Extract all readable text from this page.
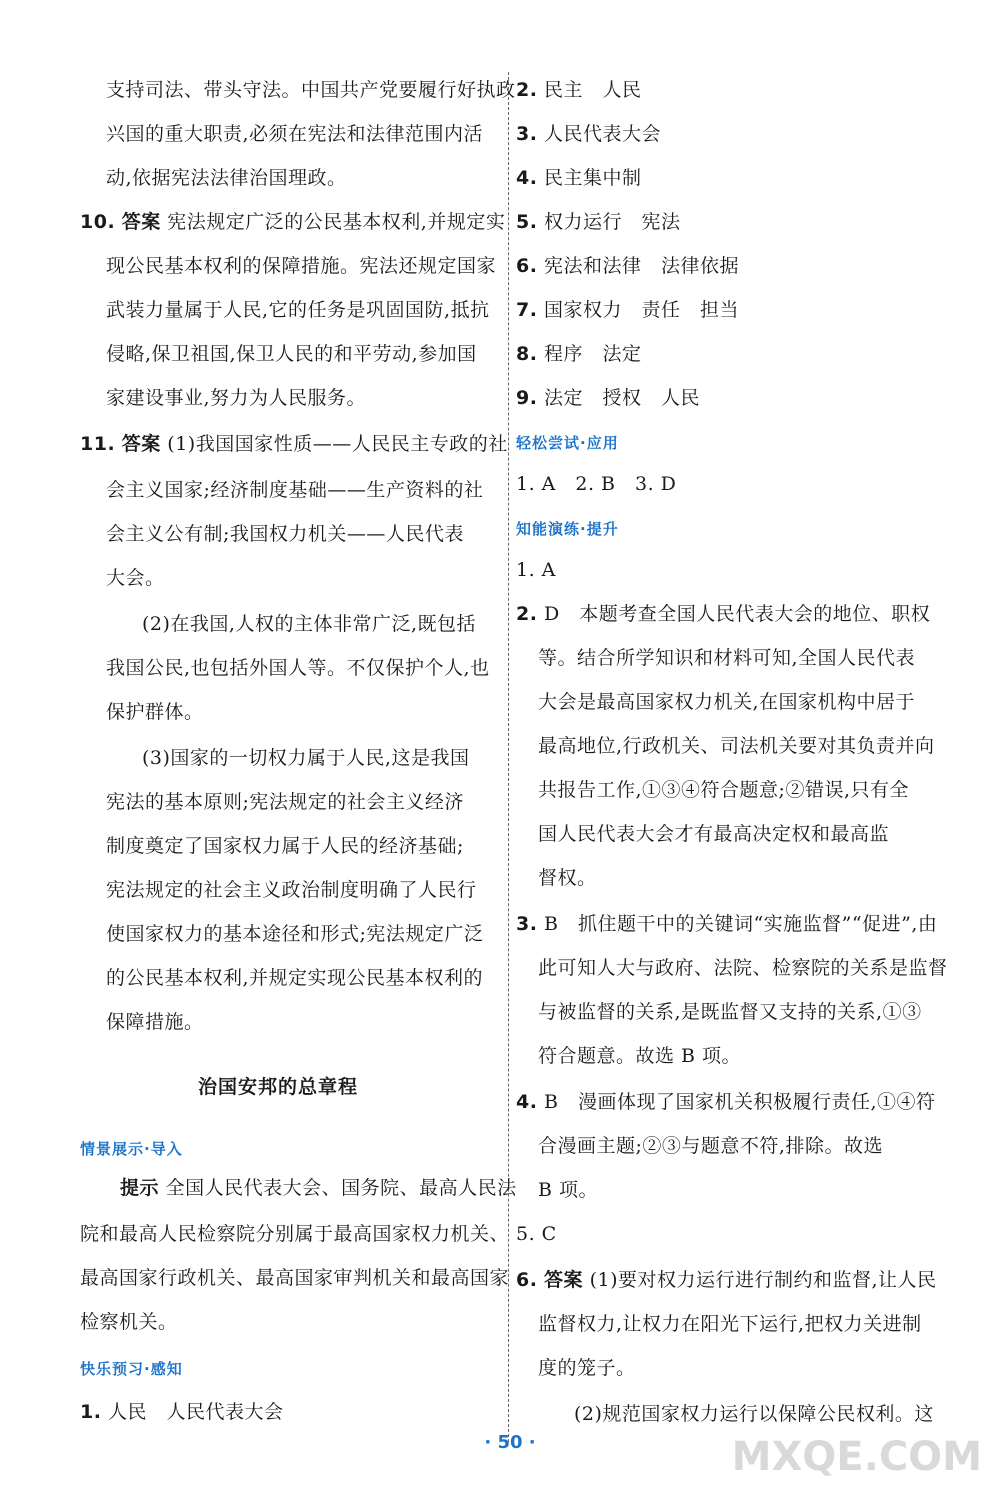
支持司法、带头守法。中国共产党要履行好执政
兴国的重大职责,必须在宪法和法律范围内活
动,依据宪法法律治国理政。
10. 答案 宪法规定广泛的公民基本权利,并规定实
现公民基本权利的保障措施。宪法还规定国家
武装力量属于人民,它的任务是巩固国防,抵抗
侵略,保卫祖国,保卫人民的和平劳动,参加国
家建设事业,努力为人民服务。
11. 答案 (1)我国国家性质——人民民主专政的社
会主义国家;经济制度基础——生产资料的社
会主义公有制;我国权力机关——人民代表
大会。
(2)在我国,人权的主体非常广泛,既包括
我国公民,也包括外国人等。不仅保护个人,也
保护群体。
(3)国家的一切权力属于人民,这是我国
宪法的基本原则;宪法规定的社会主义经济
制度奠定了国家权力属于人民的经济基础;
宪法规定的社会主义政治制度明确了人民行
使国家权力的基本途径和形式;宪法规定广泛
的公民基本权利,并规定实现公民基本权利的
保障措施。
治国安邦的总章程
情景展示·导入
提示 全国人民代表大会、国务院、最高人民法
院和最高人民检察院分别属于最高国家权力机关、
最高国家行政机关、最高国家审判机关和最高国家
检察机关。
快乐预习·感知
1. 人民　人民代表大会
2. 民主　人民
3. 人民代表大会
4. 民主集中制
5. 权力运行　宪法
6. 宪法和法律　法律依据
7. 国家权力　责任　担当
8. 程序　法定
9. 法定　授权　人民
轻松尝试·应用
1. A　2. B　3. D
知能演练·提升
1. A
2. D　本题考查全国人民代表大会的地位、职权
等。结合所学知识和材料可知,全国人民代表
大会是最高国家权力机关,在国家机构中居于
最高地位,行政机关、司法机关要对其负责并向
共报告工作,①③④符合题意;②错误,只有全
国人民代表大会才有最高决定权和最高监
督权。
3. B　抓住题干中的关键词“实施监督”“促进”,由
此可知人大与政府、法院、检察院的关系是监督
与被监督的关系,是既监督又支持的关系,①③
符合题意。故选 B 项。
4. B　漫画体现了国家机关积极履行责任,①④符
合漫画主题;②③与题意不符,排除。故选
B 项。
5. C
6. 答案 (1)要对权力运行进行制约和监督,让人民
监督权力,让权力在阳光下运行,把权力关进制
度的笼子。
(2)规范国家权力运行以保障公民权利。这
· 50 ·	MXQE.COM
